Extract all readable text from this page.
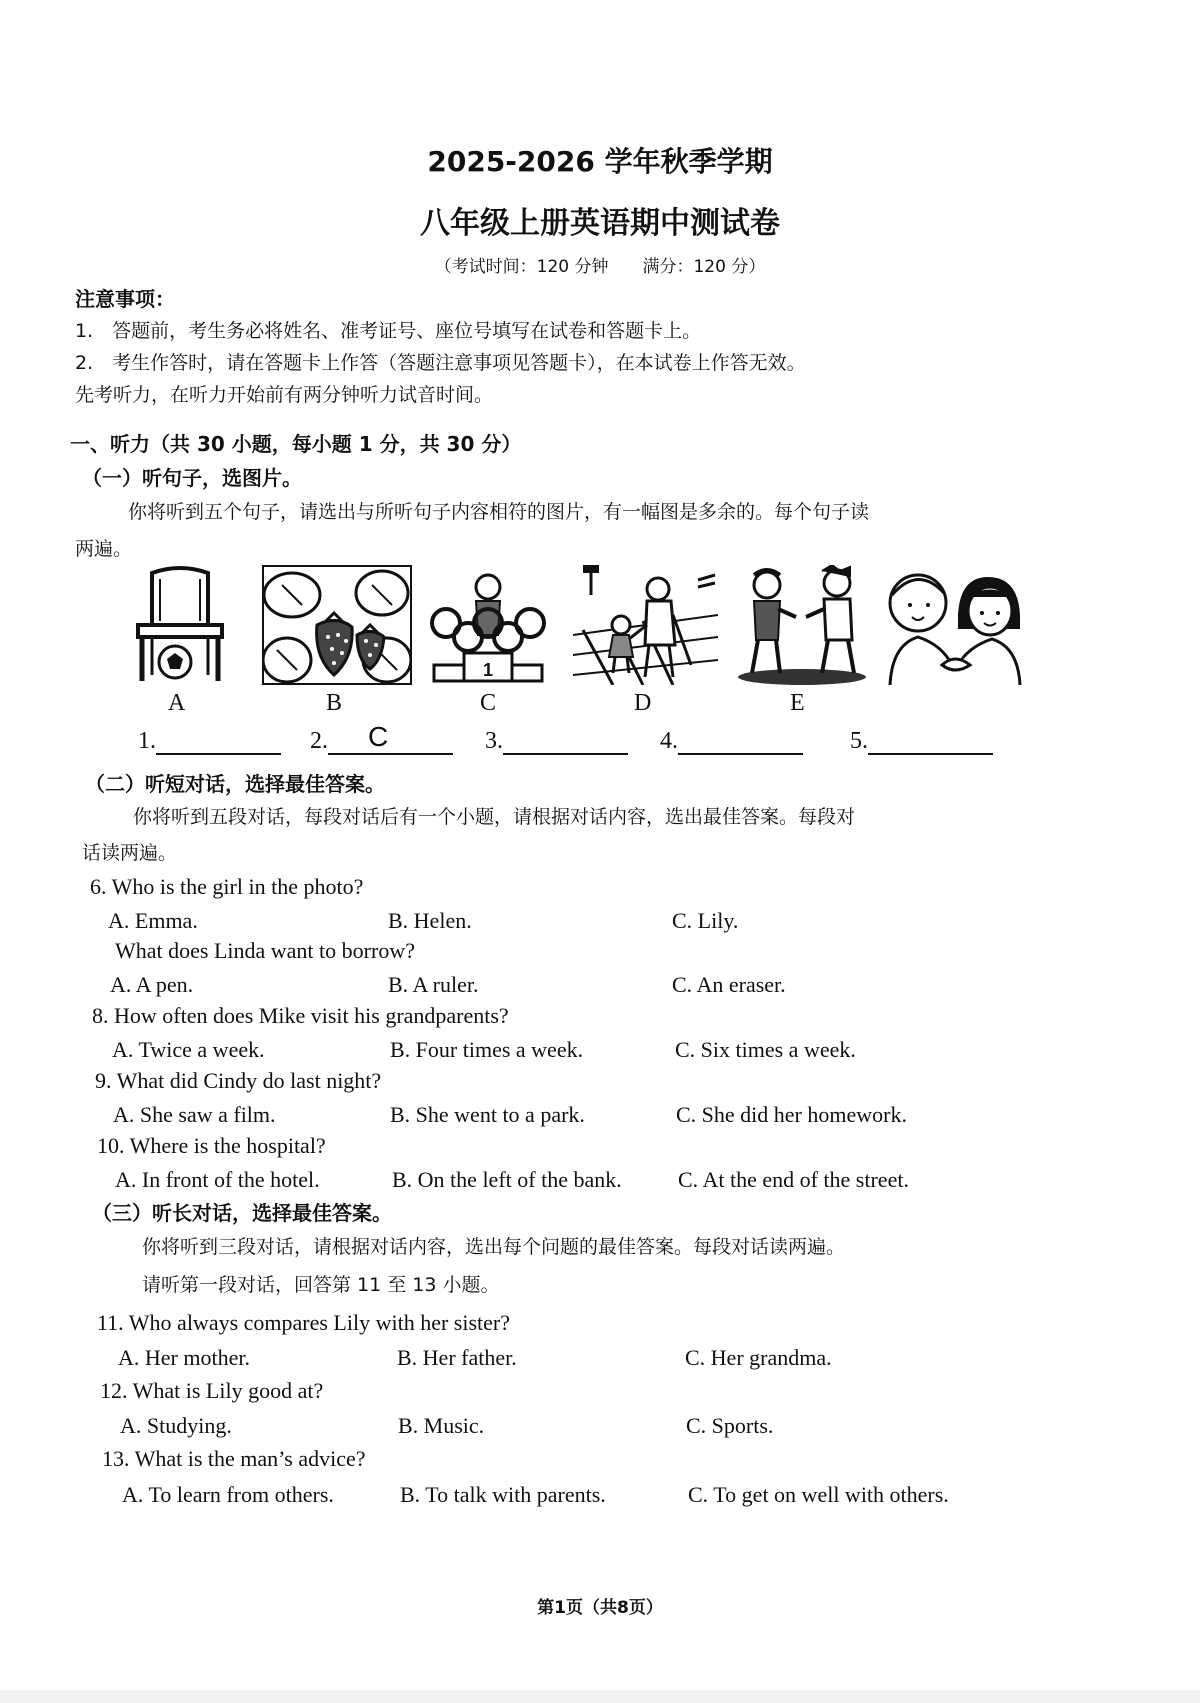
2025-2026 学年秋季学期
八年级上册英语期中测试卷
（考试时间：120 分钟　　满分：120 分）
注意事项：
1.　答题前，考生务必将姓名、准考证号、座位号填写在试卷和答题卡上。
2.　考生作答时，请在答题卡上作答（答题注意事项见答题卡），在本试卷上作答无效。
先考听力，在听力开始前有两分钟听力试音时间。
一、听力（共 30 小题，每小题 1 分，共 30 分）
（一）听句子，选图片。
你将听到五个句子，请选出与所听句子内容相符的图片，有一幅图是多余的。每个句子读
两遍。
1
A	B	C	D	E
1.	2. C	3.	4.	5.
（二）听短对话，选择最佳答案。
你将听到五段对话，每段对话后有一个小题，请根据对话内容，选出最佳答案。每段对
话读两遍。
6. Who is the girl in the photo?
A. Emma.	B. Helen.	C. Lily.
What does Linda want to borrow?
A. A pen.	B. A ruler.	C. An eraser.
8. How often does Mike visit his grandparents?
A. Twice a week.	B. Four times a week.	C. Six times a week.
9. What did Cindy do last night?
A. She saw a film.	B. She went to a park.	C. She did her homework.
10. Where is the hospital?
A. In front of the hotel.	B. On the left of the bank.	C. At the end of the street.
（三）听长对话，选择最佳答案。
你将听到三段对话，请根据对话内容，选出每个问题的最佳答案。每段对话读两遍。
请听第一段对话，回答第 11 至 13 小题。
11. Who always compares Lily with her sister?
A. Her mother.	B. Her father.	C. Her grandma.
12. What is Lily good at?
A. Studying.	B. Music.	C. Sports.
13. What is the man’s advice?
A. To learn from others.	B. To talk with parents.	C. To get on well with others.
第1页（共8页）
